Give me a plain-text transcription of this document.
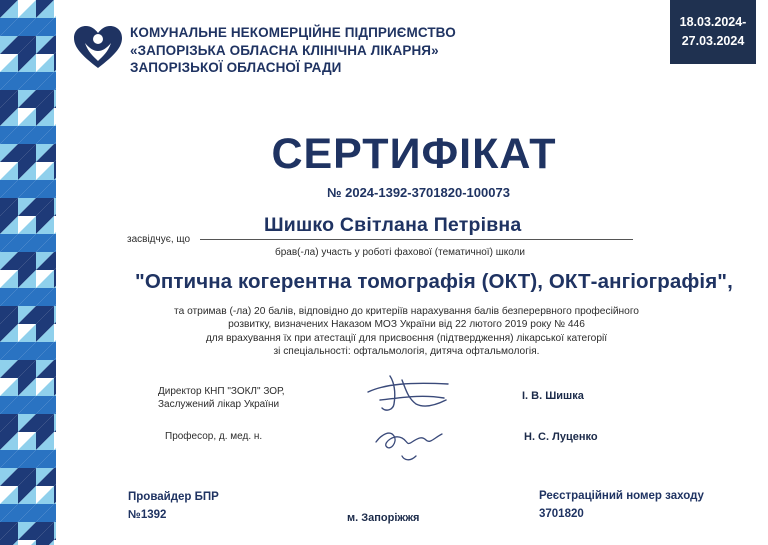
КОМУНАЛЬНЕ НЕКОМЕРЦІЙНЕ ПІДПРИЄМСТВО
«ЗАПОРІЗЬКА ОБЛАСНА КЛІНІЧНА ЛІКАРНЯ»
ЗАПОРІЗЬКОЇ ОБЛАСНОЇ РАДИ
18.03.2024-
27.03.2024
СЕРТИФІКАТ
№ 2024-1392-3701820-100073
засвідчує, що
Шишко Світлана Петрівна
брав(-ла) участь у роботі фахової (тематичної) школи
"Оптична когерентна томографія (ОКТ), ОКТ-ангіографія",
та отримав (-ла) 20 балів, відповідно до критеріїв нарахування балів безперервного професійного
розвитку, визначених Наказом МОЗ України від 22 лютого 2019 року № 446
для врахування їх при атестації для присвоєння (підтвердження) лікарської категорії
зі спеціальності: офтальмологія, дитяча офтальмологія.
Директор КНП "ЗОКЛ" ЗОР,
Заслужений лікар України
І. В. Шишка
Професор, д. мед. н.	Н. С. Луценко
Провайдер БПР
№1392
Реєстраційний номер заходу
3701820
м. Запоріжжя
